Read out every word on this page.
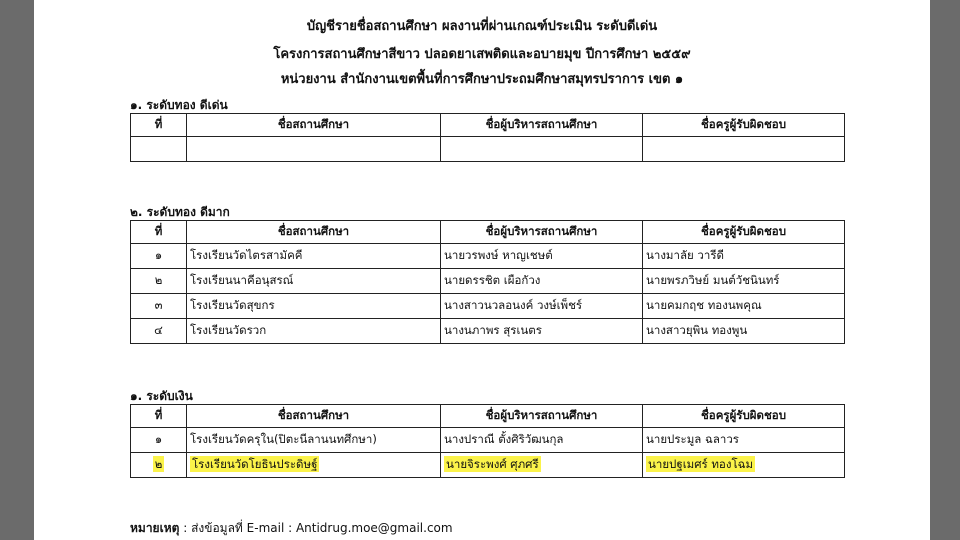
บัญชีรายชื่อสถานศึกษา ผลงานที่ผ่านเกณฑ์ประเมิน ระดับดีเด่น
โครงการสถานศึกษาสีขาว ปลอดยาเสพติดและอบายมุข ปีการศึกษา ๒๕๕๙
หน่วยงาน สำนักงานเขตพื้นที่การศึกษาประถมศึกษาสมุทรปราการ เขต ๑
๑. ระดับทอง ดีเด่น
ที่	ชื่อสถานศึกษา	ชื่อผู้บริหารสถานศึกษา	ชื่อครูผู้รับผิดชอบ

๒. ระดับทอง ดีมาก
ที่	ชื่อสถานศึกษา	ชื่อผู้บริหารสถานศึกษา	ชื่อครูผู้รับผิดชอบ
๑	โรงเรียนวัดไตรสามัคคี	นายวรพงษ์ หาญเชษต์	นางมาลัย วารีดี
๒	โรงเรียนนาคีอนุสรณ์	นายดรรชิต เผือกัวง	นายพรภวิษย์ มนต์วัชนินทร์
๓	โรงเรียนวัดสุขกร	นางสาวนวลอนงค์ วงษ์เพ็ชร์	นายคมกฤช ทองนพคุณ
๔	โรงเรียนวัดรวก	นางนภาพร สุรเนตร	นางสาวยุพิน ทองพูน
๑. ระดับเงิน
ที่	ชื่อสถานศึกษา	ชื่อผู้บริหารสถานศึกษา	ชื่อครูผู้รับผิดชอบ
๑	โรงเรียนวัดครุใน(ปิตะนีลานนทศึกษา)	นางปราณี ตั้งศิริวัฒนกุล	นายประมูล ฉลาวร
๒	โรงเรียนวัดโยธินประดิษฐ์	นายจิระพงศ์ ศุภศรี	นายปฐเมศร์ ทองโฉม
หมายเหตุ : ส่งข้อมูลที่ E-mail : Antidrug.moe@gmail.com
